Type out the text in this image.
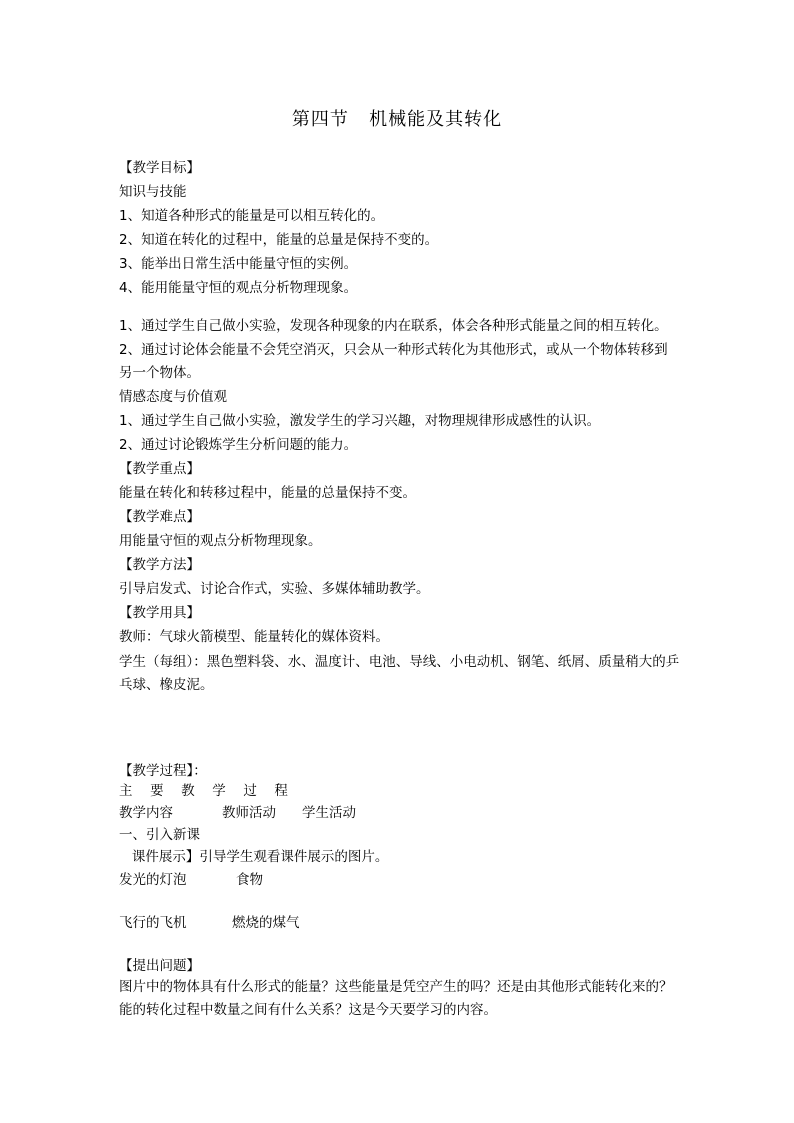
第四节   机械能及其转化
【教学目标】
知识与技能
1、知道各种形式的能量是可以相互转化的。
2、知道在转化的过程中，能量的总量是保持不变的。
3、能举出日常生活中能量守恒的实例。
4、能用能量守恒的观点分析物理现象。
1、通过学生自己做小实验，发现各种现象的内在联系，体会各种形式能量之间的相互转化。
2、通过讨论体会能量不会凭空消灭，只会从一种形式转化为其他形式，或从一个物体转移到另一个物体。
情感态度与价值观
1、通过学生自己做小实验，激发学生的学习兴趣，对物理规律形成感性的认识。
2、通过讨论锻炼学生分析问题的能力。
【教学重点】
能量在转化和转移过程中，能量的总量保持不变。
【教学难点】
用能量守恒的观点分析物理现象。
【教学方法】
引导启发式、讨论合作式，实验、多媒体辅助教学。
【教学用具】
教师：气球火箭模型、能量转化的媒体资料。
学生（每组）：黑色塑料袋、水、温度计、电池、导线、小电动机、钢笔、纸屑、质量稍大的乒乓球、橡皮泥。
【教学过程】：
主  要  教  学  过  程
教学内容	教师活动 学生活动
一、引入新课
课件展示】引导学生观看课件展示的图片。
发光的灯泡	食物
飞行的飞机	燃烧的煤气
【提出问题】
图片中的物体具有什么形式的能量？这些能量是凭空产生的吗？还是由其他形式能转化来的？能的转化过程中数量之间有什么关系？这是今天要学习的内容。
